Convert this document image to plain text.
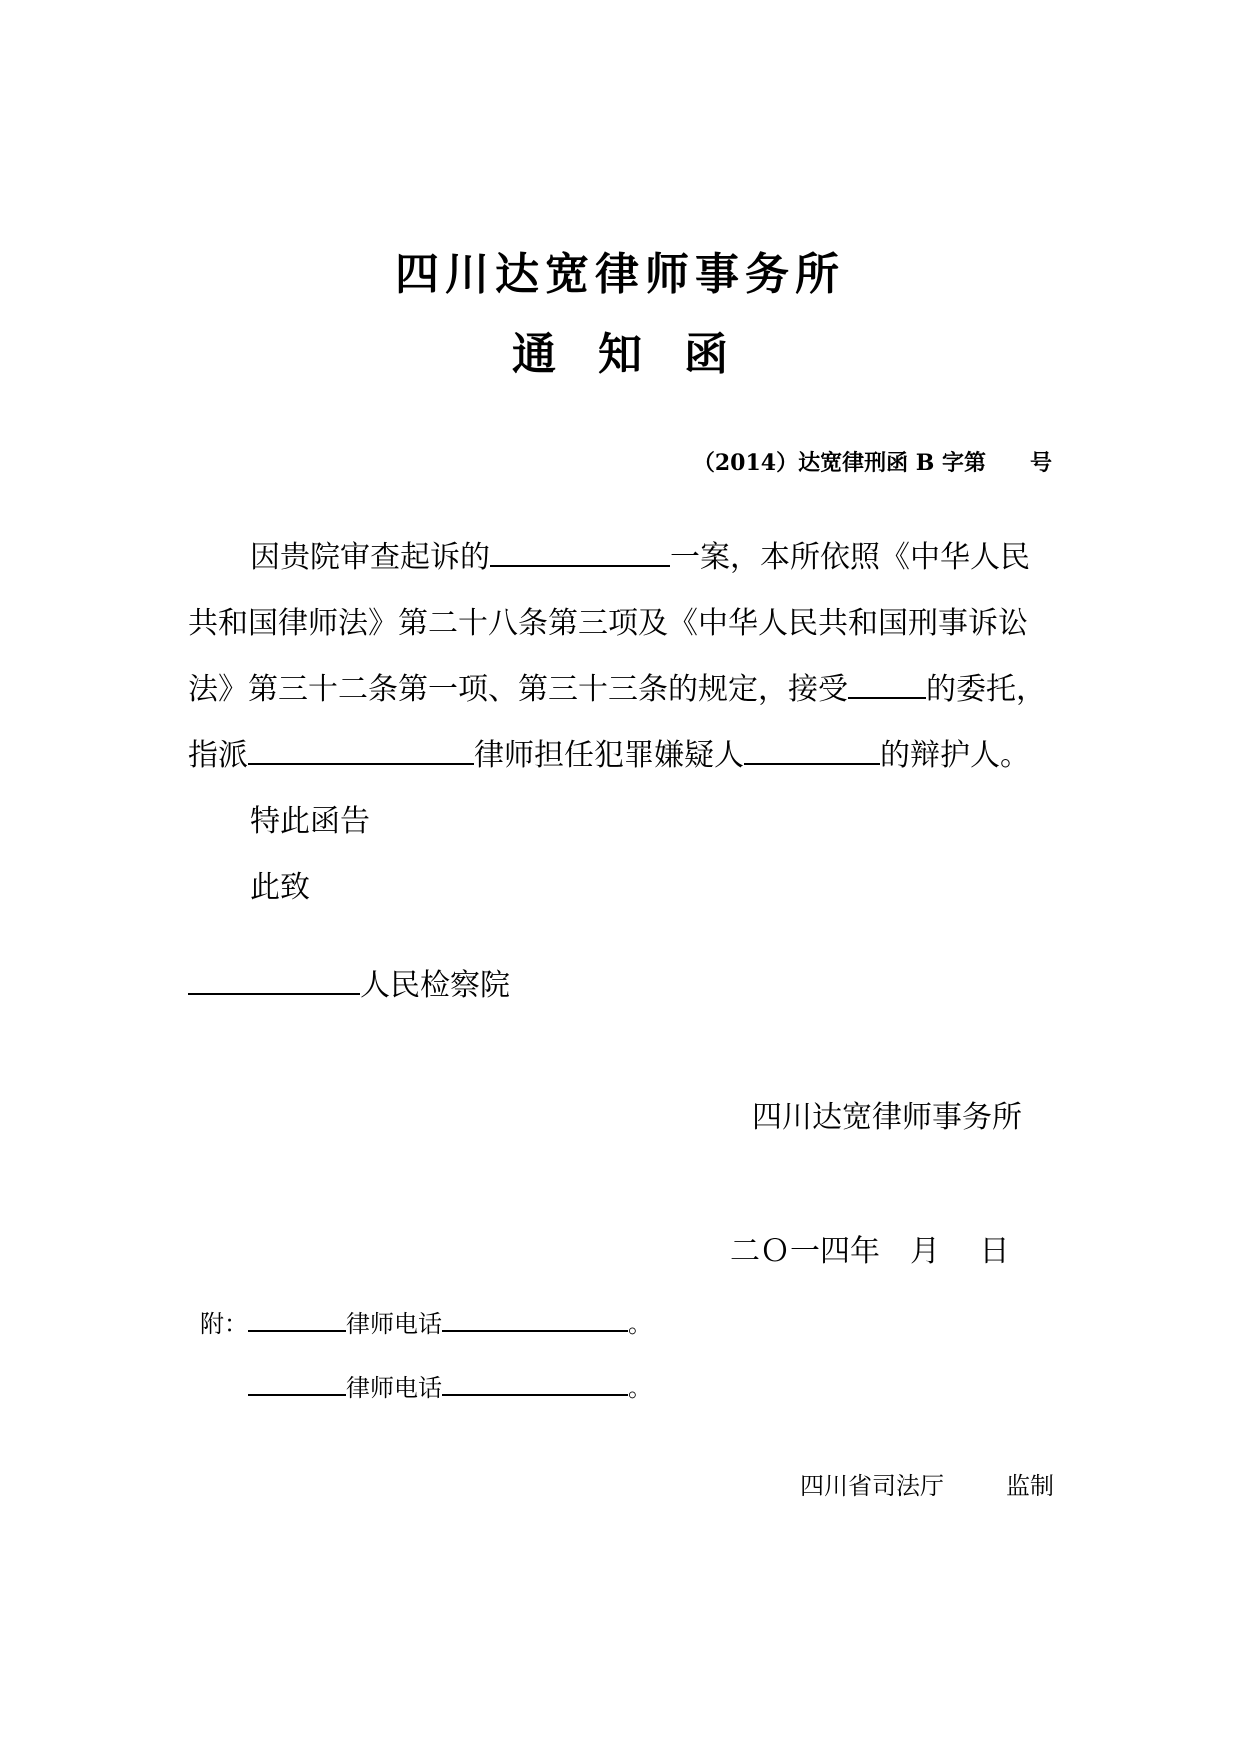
四川达宽律师事务所
通知函
（2014）达宽律刑函 B 字第　　号
因贵院审查起诉的	一案，本所依照《中华人民
共和国律师法》第二十八条第三项及《中华人民共和国刑事诉讼
法》第三十二条第一项、第三十三条的规定，接受	的委托，
指派	律师担任犯罪嫌疑人	的辩护人。
特此函告
此致
人民检察院
四川达宽律师事务所
二Ｏ一四年　月　 日
附：	律师电话	。
律师电话	。
四川省司法厅	监制
